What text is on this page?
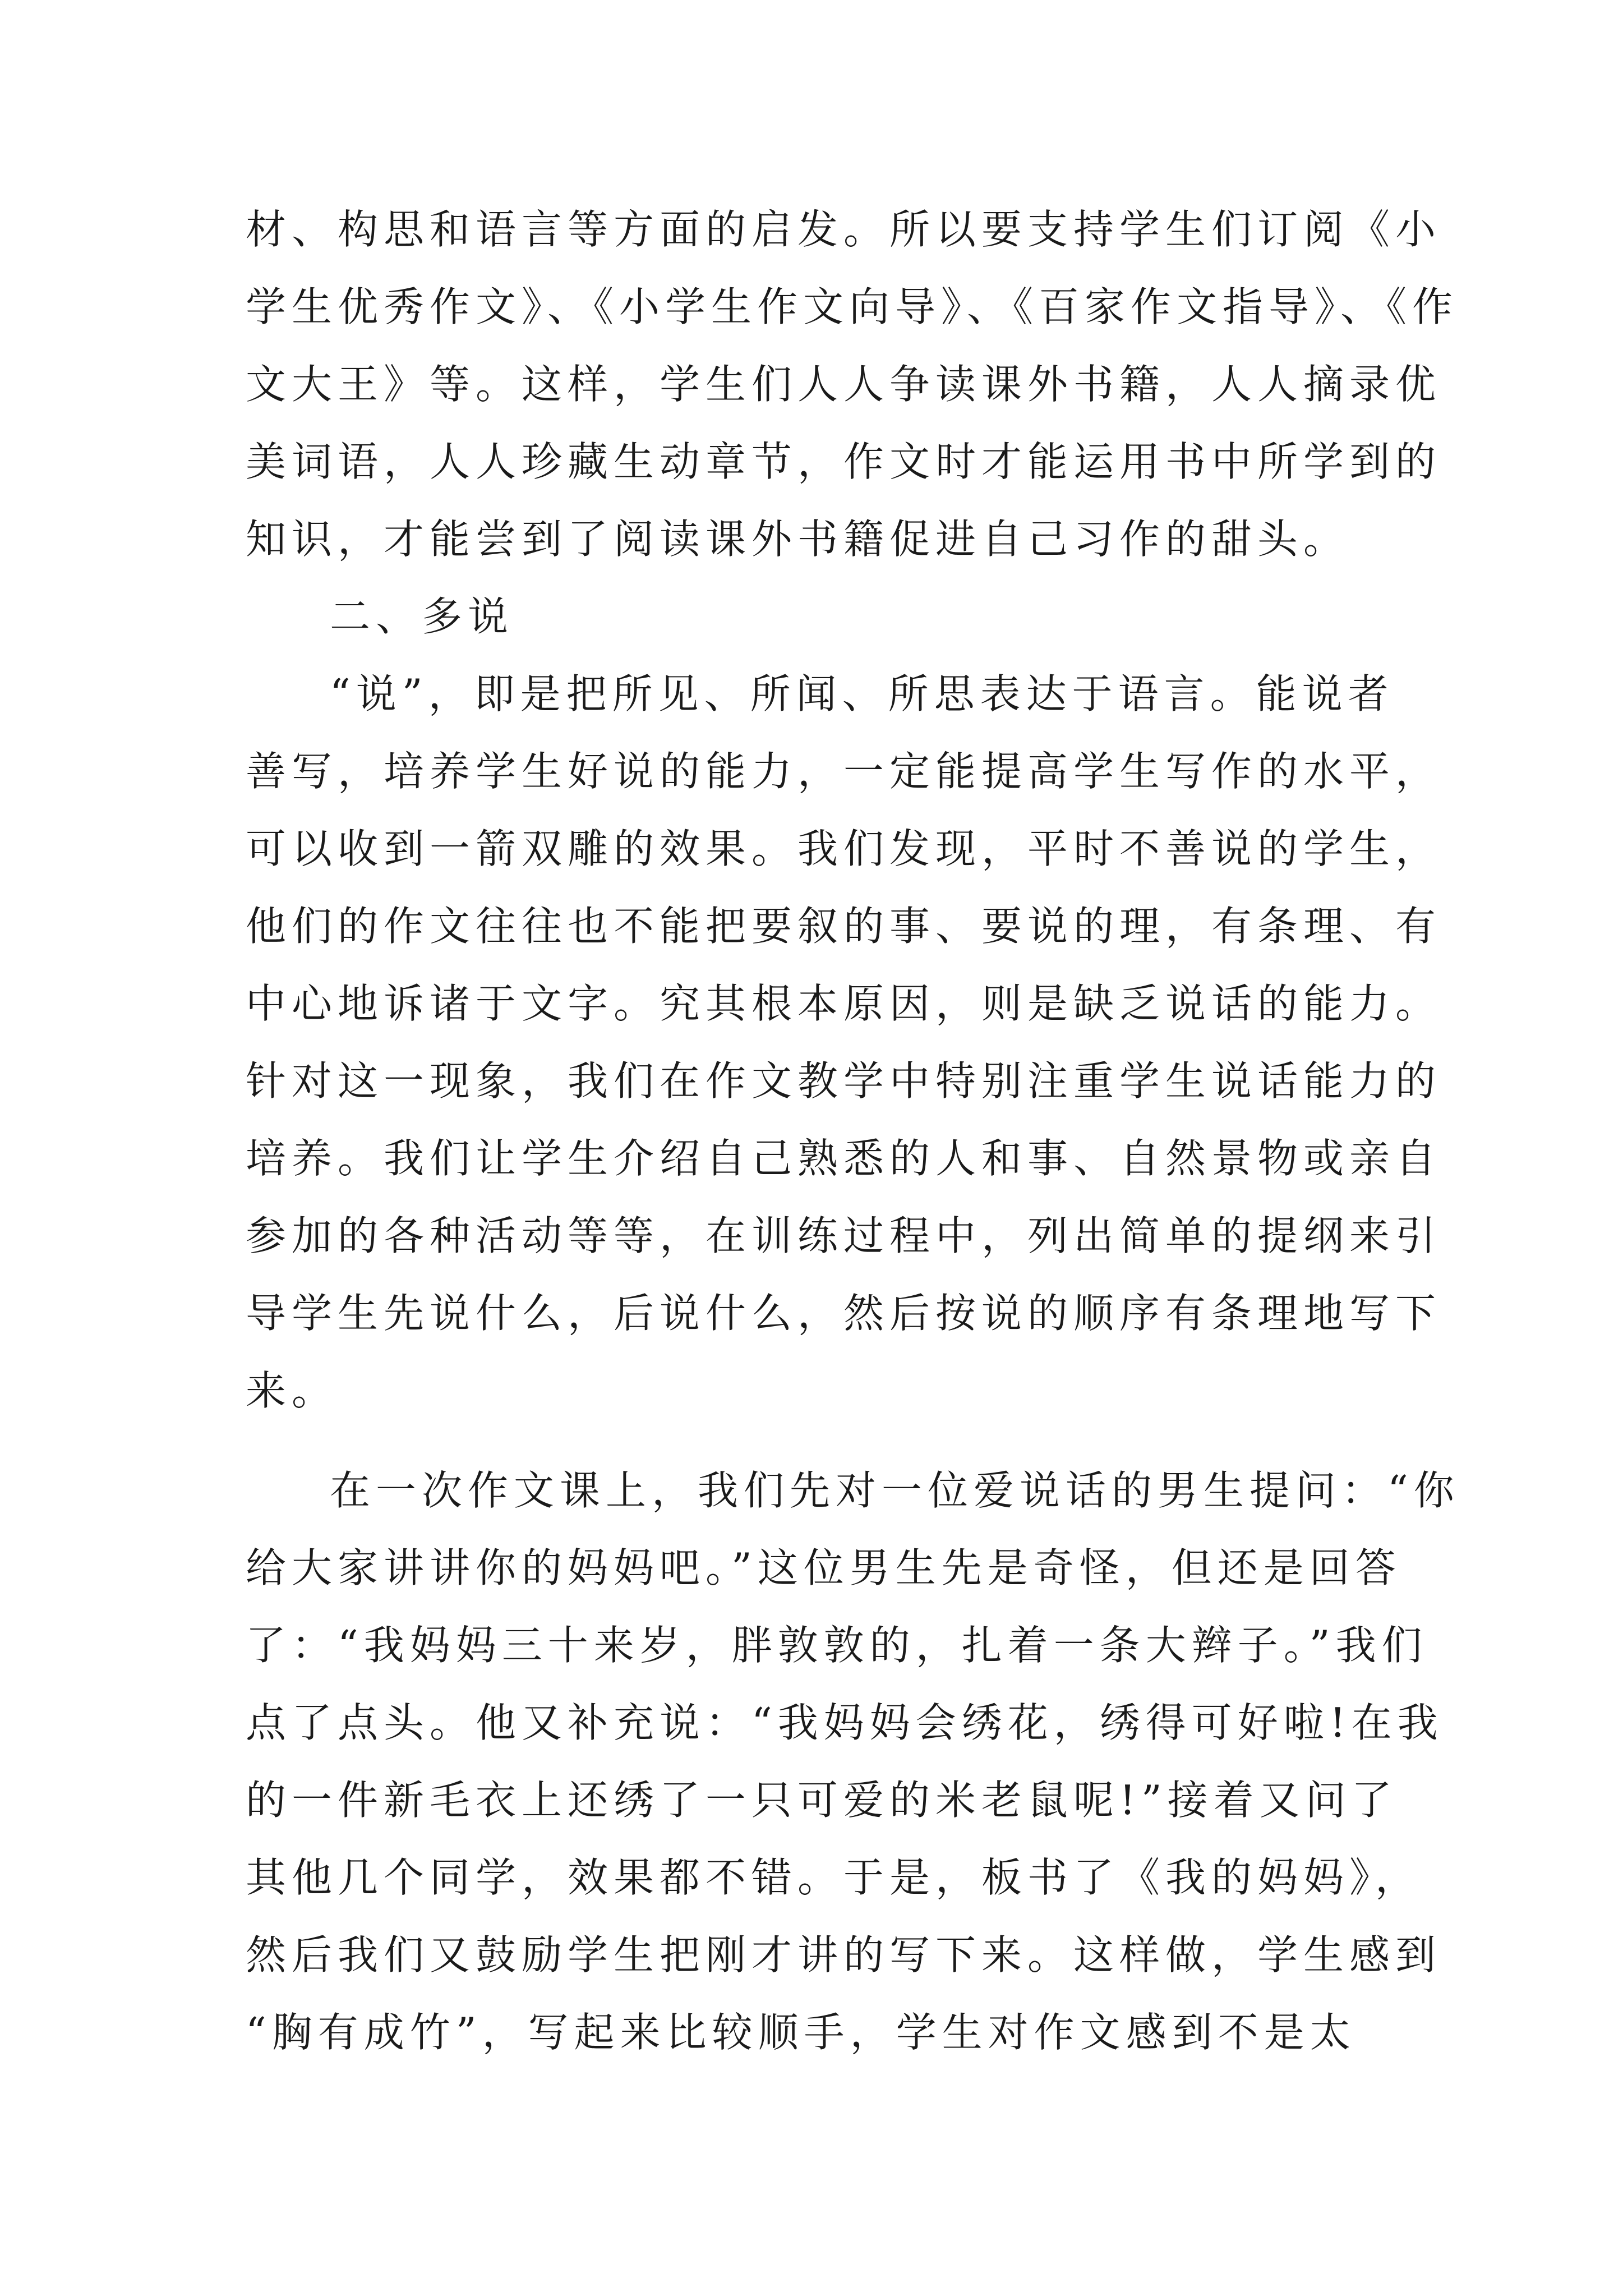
材、构思和语言等方面的启发。所以要支持学生们订阅《小
学生优秀作文》、《小学生作文向导》、《百家作文指导》、《作
文大王》等。这样，学生们人人争读课外书籍，人人摘录优
美词语，人人珍藏生动章节，作文时才能运用书中所学到的
知识，才能尝到了阅读课外书籍促进自己习作的甜头。
二、多说
“说”，即是把所见、所闻、所思表达于语言。能说者
善写，培养学生好说的能力，一定能提高学生写作的水平，
可以收到一箭双雕的效果。我们发现，平时不善说的学生，
他们的作文往往也不能把要叙的事、要说的理，有条理、有
中心地诉诸于文字。究其根本原因，则是缺乏说话的能力。
针对这一现象，我们在作文教学中特别注重学生说话能力的
培养。我们让学生介绍自己熟悉的人和事、自然景物或亲自
参加的各种活动等等，在训练过程中，列出简单的提纲来引
导学生先说什么，后说什么，然后按说的顺序有条理地写下
来。
在一次作文课上，我们先对一位爱说话的男生提问：“你
给大家讲讲你的妈妈吧。”这位男生先是奇怪，但还是回答
了：“我妈妈三十来岁，胖敦敦的，扎着一条大辫子。”我们
点了点头。他又补充说：“我妈妈会绣花，绣得可好啦!在我
的一件新毛衣上还绣了一只可爱的米老鼠呢!”接着又问了
其他几个同学，效果都不错。于是，板书了《我的妈妈》，
然后我们又鼓励学生把刚才讲的写下来。这样做，学生感到
“胸有成竹”，写起来比较顺手，学生对作文感到不是太
